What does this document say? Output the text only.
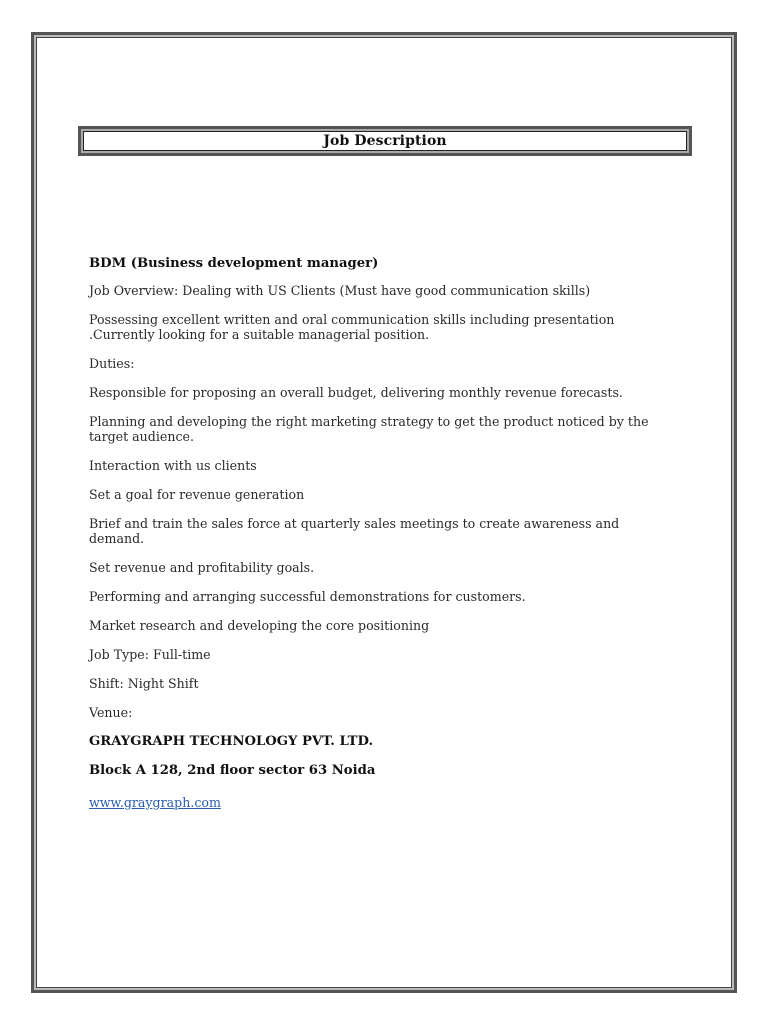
Job Description

BDM (Business development manager)

Job Overview: Dealing with US Clients (Must have good communication skills)

Possessing excellent written and oral communication skills including presentation .Currently looking for a suitable managerial position.

Duties:

Responsible for proposing an overall budget, delivering monthly revenue forecasts.

Planning and developing the right marketing strategy to get the product noticed by the target audience.

Interaction with us clients

Set a goal for revenue generation

Brief and train the sales force at quarterly sales meetings to create awareness and demand.

Set revenue and profitability goals.

Performing and arranging successful demonstrations for customers.

Market research and developing the core positioning

Job Type: Full-time

Shift: Night Shift

Venue:

GRAYGRAPH TECHNOLOGY PVT. LTD.

Block A 128, 2nd floor sector 63 Noida

www.graygraph.com
